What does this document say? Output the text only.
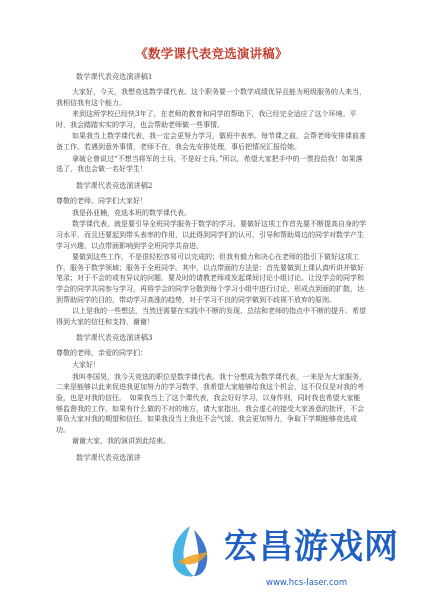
《数学课代表竞选演讲稿》
数学课代表竞选演讲稿1

大家好，今天，我想竞选数学课代表。这个职务要一个数学成绩优异且能为班级服务的人来当，我相信我有这个能力。

来到这所学校已经快3年了，在老师的教育和同学的帮助下，我已经完全适应了这个环境。平时，我会踏踏实实的学习，也会帮助老师做一些事情。

如果我当上数学课代表，我一定会更努力学习，做班中表率。每节课之前，会帮老师安排课前准备工作。若遇到意外事情，老师不在，我会先安排处理，事后把情况汇报给她。

拿破仑曾说过“不想当将军的士兵，不是好士兵。”所以，希望大家把手中的一票投给我！如果落选了，我也会做一名好学生！

数学课代表竞选演讲稿2
尊敬的老师、同学们大家好！

我是孙亚楠，竞选本班的数学课代表。

数学课代表，就是要引导全班同学服务于数学的学习。要做好这项工作首先要不断提高自身的学习水平，而且还要起到带头表率的作用，以此得到同学们的认可，引导和帮助周边的同学对数学产生学习兴趣，以点带面影响到学全班同学共奋进。

要做到这些工作，不是很轻松容易可以完成的；但我有毅力和决心在老师的指引下做好这项工作，服务于数学领域；服务于全班同学。其中，以点带面的方法是：首先要做到上课认真听讲并做好笔录；对于不会的或有异议的问题，要及时的请教老师或发起课间讨论小组讨论。让没学会的同学和学会的同学共同参与学习，再将学会的同学分散到每个学习小组中进行讨论，形成点到面的扩散，达到帮助同学的目的，带动学习高涨的趋势，对于学习不良的同学做到不歧视不放弃的原则。

以上是我的一些想法，当然还需要在实践中不断的发现、总结和老师的指点中不断的提升。希望得到大家的信任和支持，谢谢！

数学课代表竞选演讲稿3
尊敬的老师，亲爱的同学们：

大家好！

我叫李国昊，我今天竞选的职位是数学课代表。我十分想成为数学课代表，一来是为大家服务，二来是能够以此来促进我更加努力的学习数学，我希望大家能够给我这个机会，这不仅仅是对我的考验，也是对我的信任。　如果我当上了这个课代表，我会好好学习，以身作则，同时我也希望大家能够监督我的工作，如果有什么做的不对的地方，请大家指出，我会虚心的接受大家善意的批评，不会辜负大家对我的期望和信任。如果我没当上我也不会气馁，我会更加努力，争取下学期能够竞选成功。

谢谢大家，我的演讲到此结束。

数学课代表竞选演讲
宏昌游戏网
www.hcs-laser.com
